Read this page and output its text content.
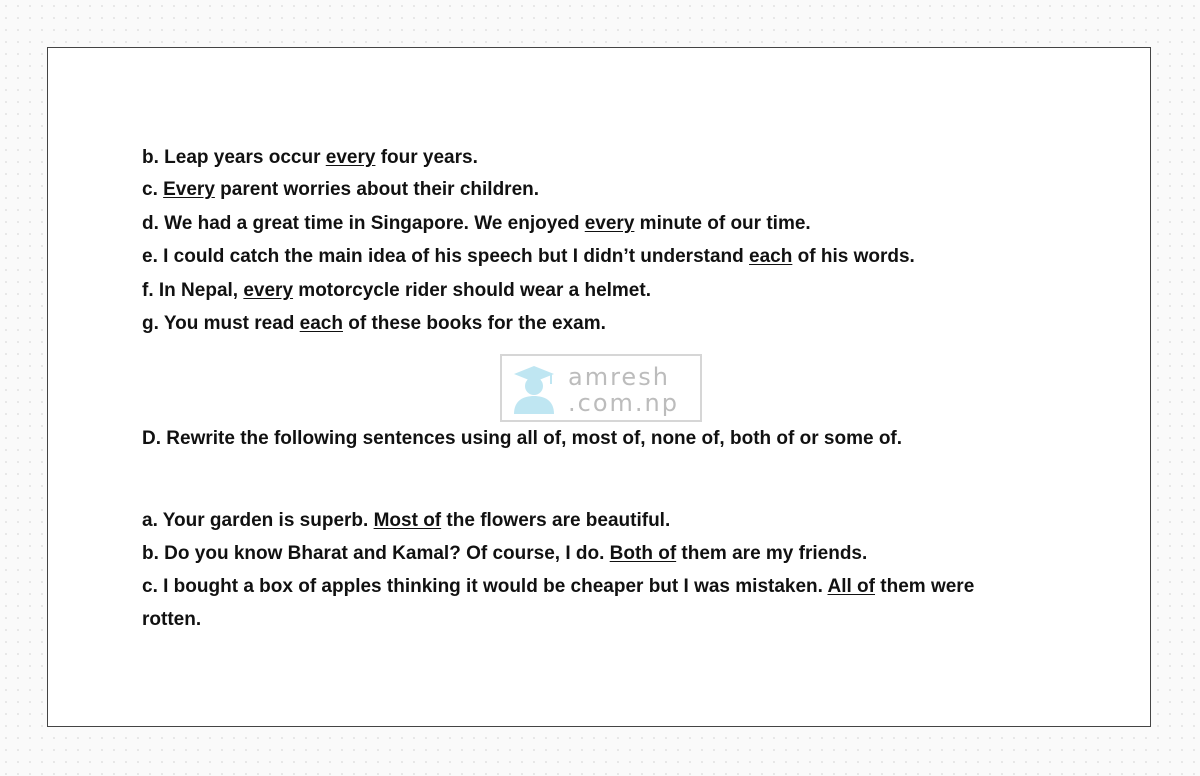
b. Leap years occur every four years.
c. Every parent worries about their children.
d. We had a great time in Singapore. We enjoyed every minute of our time.
e. I could catch the main idea of his speech but I didn’t understand each of his words.
f. In Nepal, every motorcycle rider should wear a helmet.
g. You must read each of these books for the exam.
amresh
.com.np
D. Rewrite the following sentences using all of, most of, none of, both of or some of.
a. Your garden is superb. Most of the flowers are beautiful.
b. Do you know Bharat and Kamal? Of course, I do. Both of them are my friends.
c. I bought a box of apples thinking it would be cheaper but I was mistaken. All of them were
rotten.
